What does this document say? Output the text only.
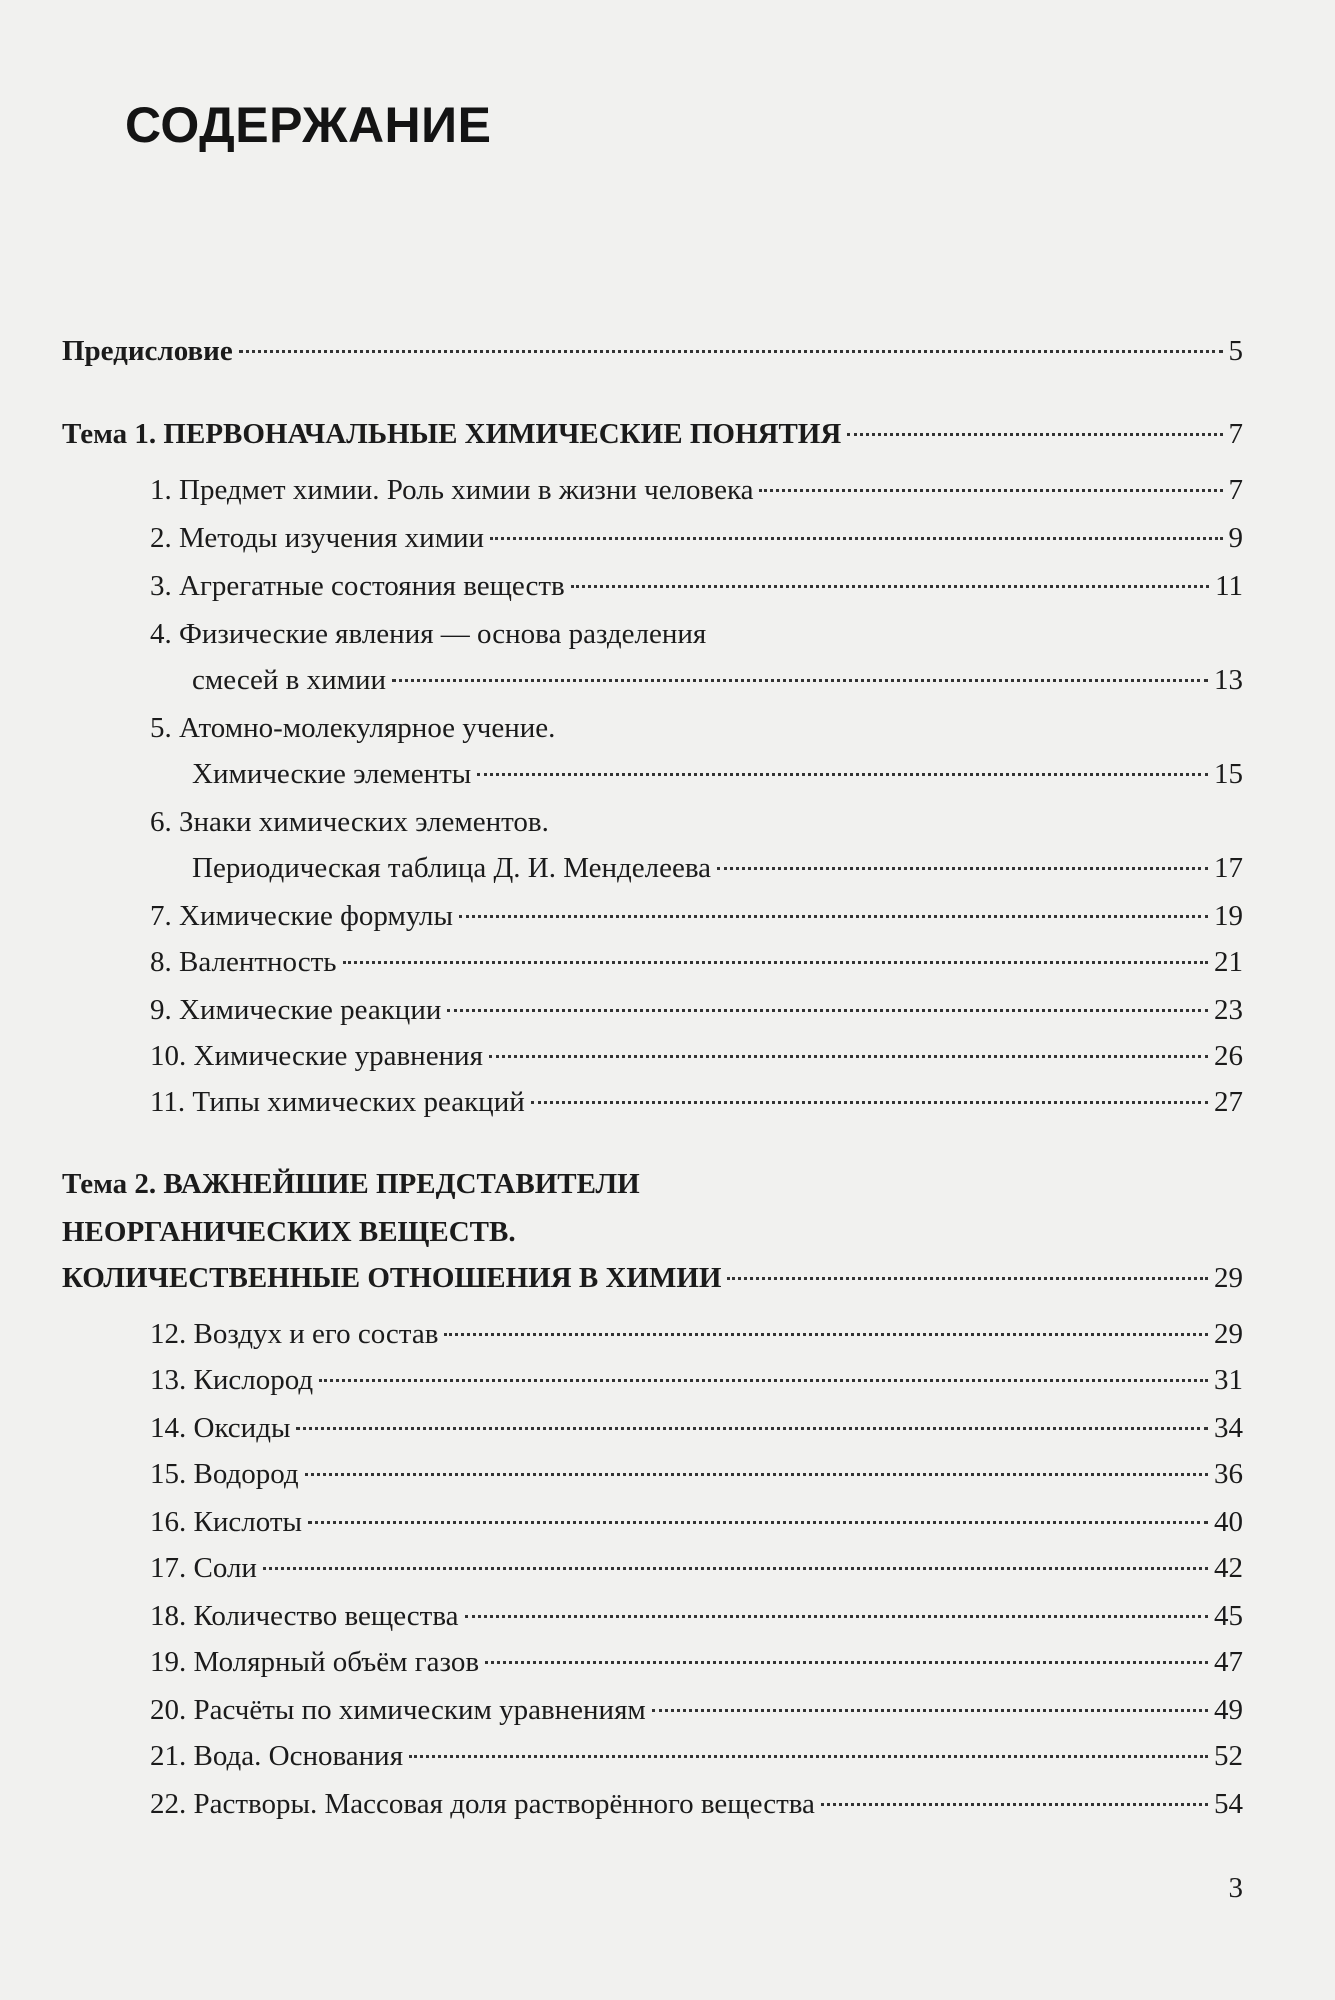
СОДЕРЖАНИЕ
Предисловие	5
Тема 1. ПЕРВОНАЧАЛЬНЫЕ ХИМИЧЕСКИЕ ПОНЯТИЯ	7
1. Предмет химии. Роль химии в жизни человека	7
2. Методы изучения химии	9
3. Агрегатные состояния веществ	11
4. Физические явления — основа разделения
смесей в химии	13
5. Атомно-молекулярное учение.
Химические элементы	15
6. Знаки химических элементов.
Периодическая таблица Д. И. Менделеева	17
7. Химические формулы	19
8. Валентность	21
9. Химические реакции	23
10. Химические уравнения	26
11. Типы химических реакций	27
Тема 2. ВАЖНЕЙШИЕ ПРЕДСТАВИТЕЛИ
НЕОРГАНИЧЕСКИХ ВЕЩЕСТВ.
КОЛИЧЕСТВЕННЫЕ ОТНОШЕНИЯ В ХИМИИ	29
12. Воздух и его состав	29
13. Кислород	31
14. Оксиды	34
15. Водород	36
16. Кислоты	40
17. Соли	42
18. Количество вещества	45
19. Молярный объём газов	47
20. Расчёты по химическим уравнениям	49
21. Вода. Основания	52
22. Растворы. Массовая доля растворённого вещества	54
3
